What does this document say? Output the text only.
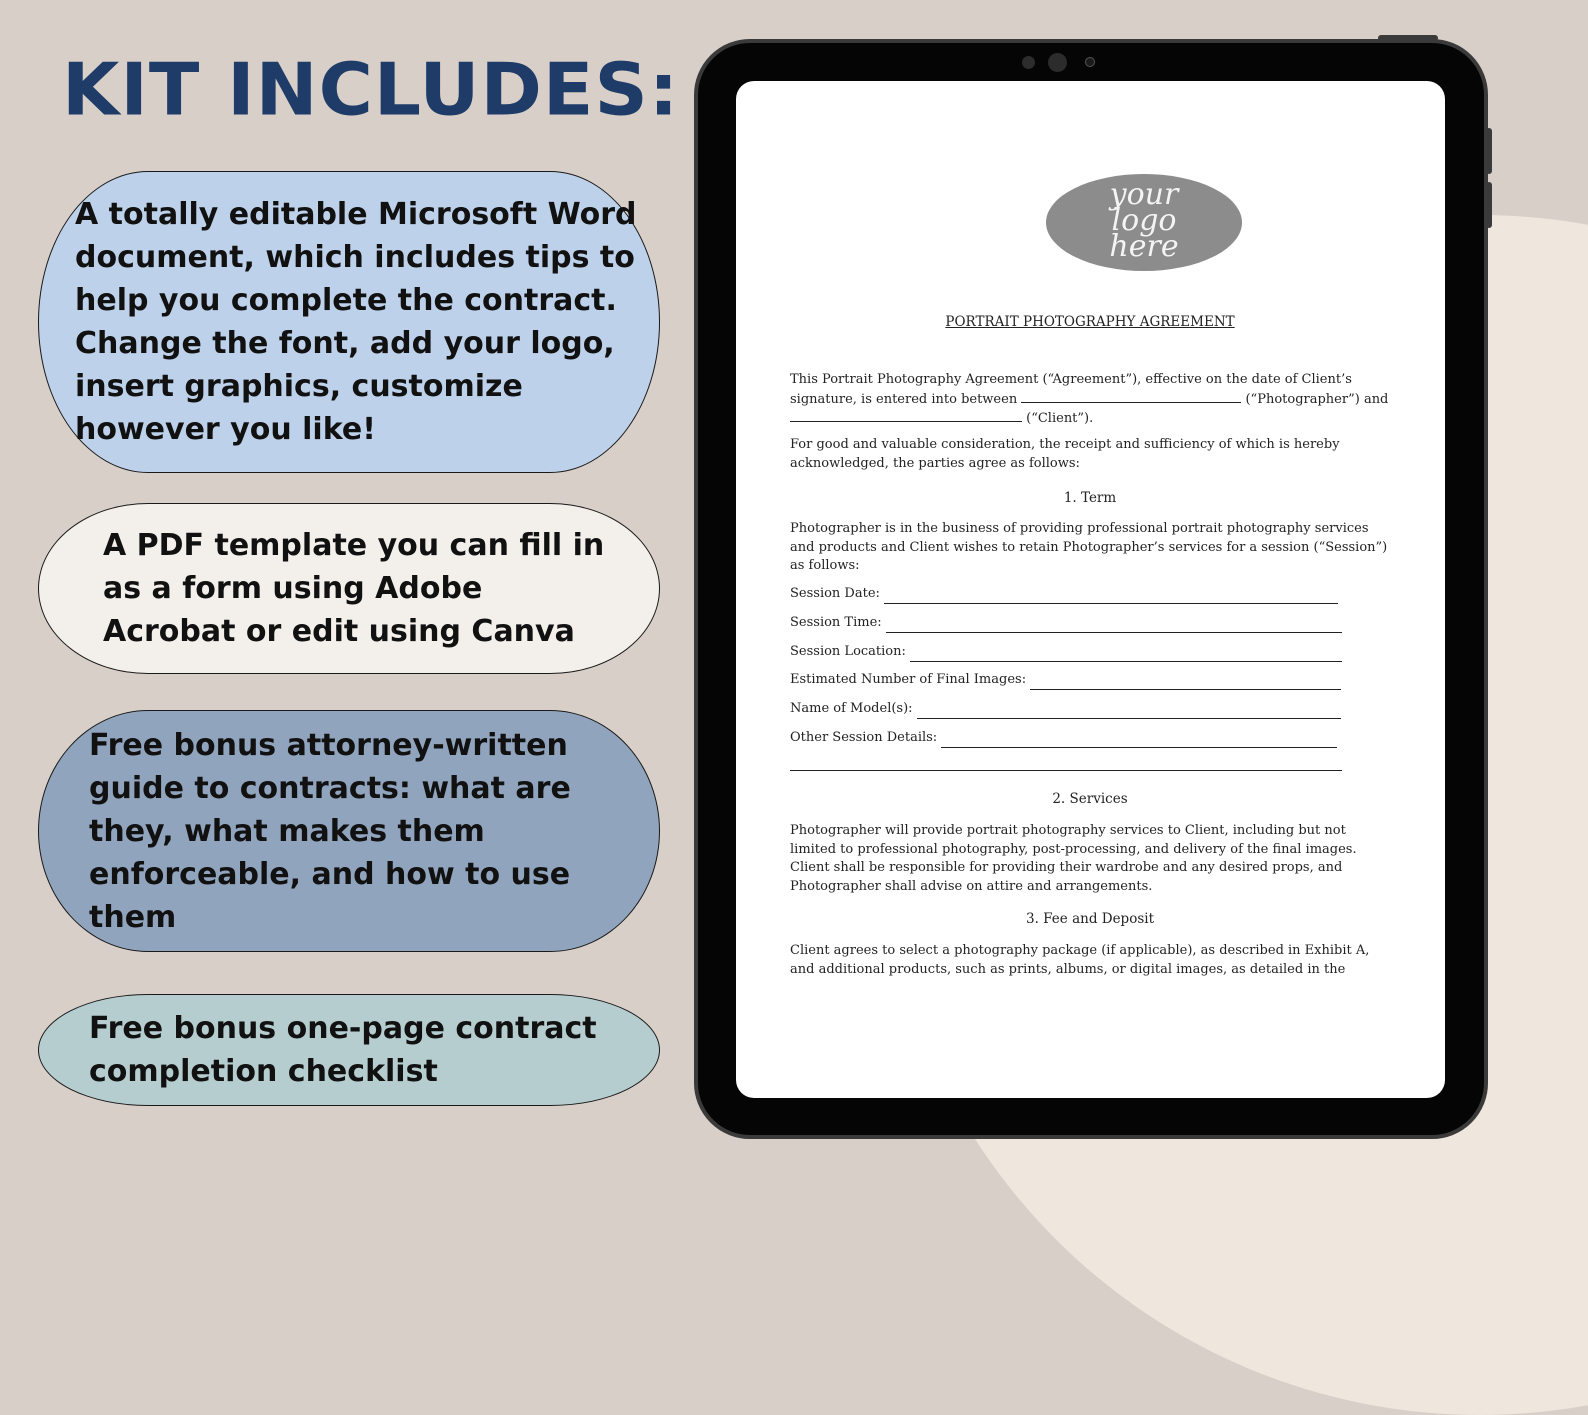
KIT INCLUDES:
A totally editable Microsoft Word document, which includes tips to help you complete the contract. Change the font, add your logo, insert graphics, customize however you like!
A PDF template you can fill in as a form using Adobe Acrobat or edit using Canva
Free bonus attorney-written guide to contracts: what are they, what makes them enforceable, and how to use them
Free bonus one-page contract completion checklist
your
logo
here
PORTRAIT PHOTOGRAPHY AGREEMENT
This Portrait Photography Agreement (“Agreement”), effective on the date of Client’s signature, is entered into between	(“Photographer”) and  (“Client”).
For good and valuable consideration, the receipt and sufficiency of which is hereby acknowledged, the parties agree as follows:
1. Term
Photographer is in the business of providing professional portrait photography services and products and Client wishes to retain Photographer’s services for a session (“Session”) as follows:
Session Date:
Session Time:
Session Location:
Estimated Number of Final Images:
Name of Model(s):
Other Session Details:
2. Services
Photographer will provide portrait photography services to Client, including but not limited to professional photography, post-processing, and delivery of the final images. Client shall be responsible for providing their wardrobe and any desired props, and Photographer shall advise on attire and arrangements.
3. Fee and Deposit
Client agrees to select a photography package (if applicable), as described in Exhibit A, and additional products, such as prints, albums, or digital images, as detailed in the
